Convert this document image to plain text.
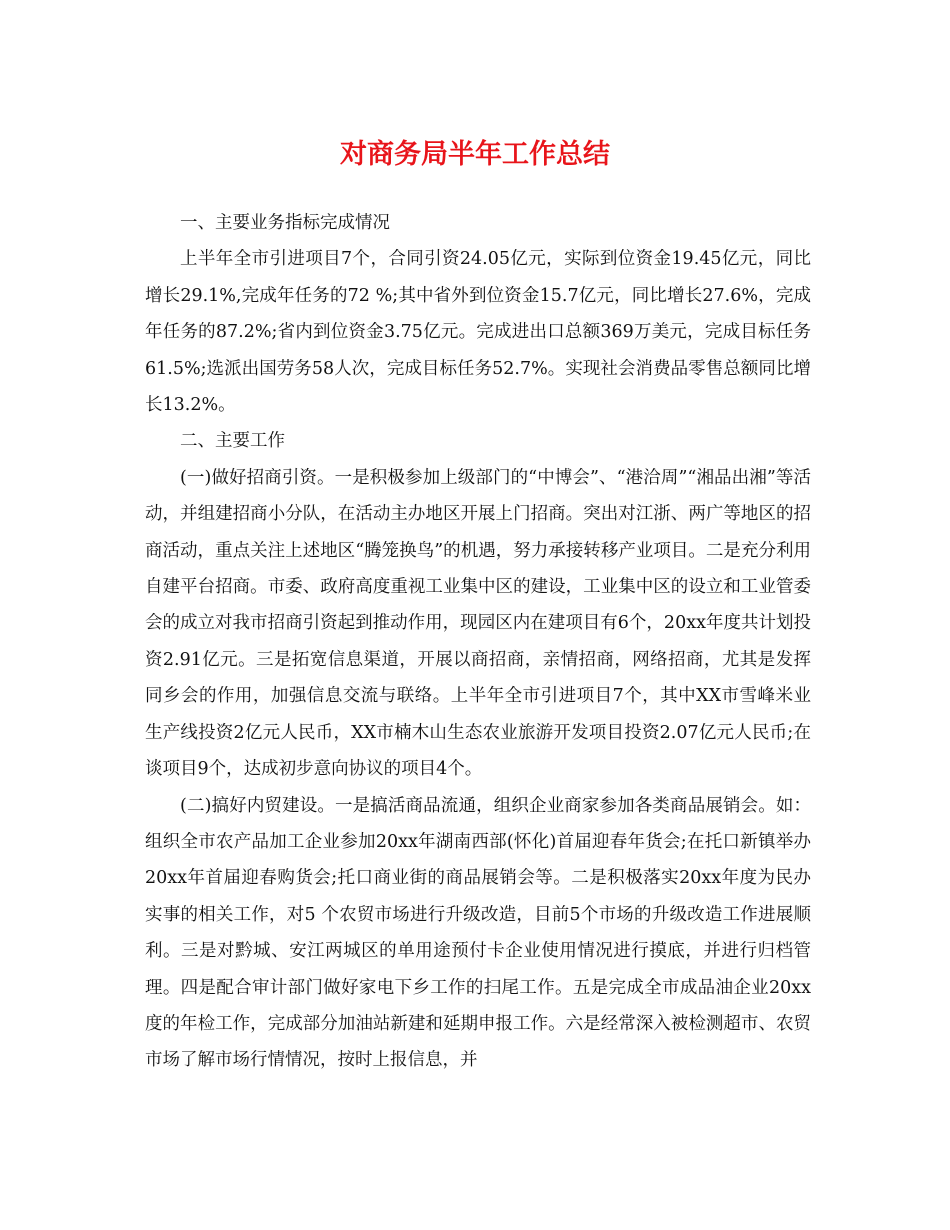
对商务局半年工作总结

一、主要业务指标完成情况

上半年全市引进项目7个，合同引资24.05亿元，实际到位资金19.45亿元，同比增长29.1%,完成年任务的72 %;其中省外到位资金15.7亿元，同比增长27.6%，完成年任务的87.2%;省内到位资金3.75亿元。完成进出口总额369万美元，完成目标任务 61.5%;选派出国劳务58人次，完成目标任务52.7%。实现社会消费品零售总额同比增长13.2%。

二、主要工作

(一)做好招商引资。一是积极参加上级部门的“中博会”、“港洽周”“湘品出湘”等活动，并组建招商小分队，在活动主办地区开展上门招商。突出对江浙、两广等地区的招商活动，重点关注上述地区“腾笼换鸟”的机遇，努力承接转移产业项目。二是充分利用自建平台招商。市委、政府高度重视工业集中区的建设，工业集中区的设立和工业管委会的成立对我市招商引资起到推动作用，现园区内在建项目有6个，20xx年度共计划投资2.91亿元。三是拓宽信息渠道，开展以商招商，亲情招商，网络招商，尤其是发挥同乡会的作用，加强信息交流与联络。上半年全市引进项目7个，其中XX市雪峰米业生产线投资2亿元人民币，XX市楠木山生态农业旅游开发项目投资2.07亿元人民币;在谈项目9个，达成初步意向协议的项目4个。

(二)搞好内贸建设。一是搞活商品流通，组织企业商家参加各类商品展销会。如：组织全市农产品加工企业参加20xx年湖南西部(怀化)首届迎春年货会;在托口新镇举办20xx年首届迎春购货会;托口商业街的商品展销会等。二是积极落实20xx年度为民办实事的相关工作，对5 个农贸市场进行升级改造，目前5个市场的升级改造工作进展顺利。三是对黔城、安江两城区的单用途预付卡企业使用情况进行摸底，并进行归档管理。四是配合审计部门做好家电下乡工作的扫尾工作。五是完成全市成品油企业20xx度的年检工作，完成部分加油站新建和延期申报工作。六是经常深入被检测超市、农贸市场了解市场行情情况，按时上报信息，并
